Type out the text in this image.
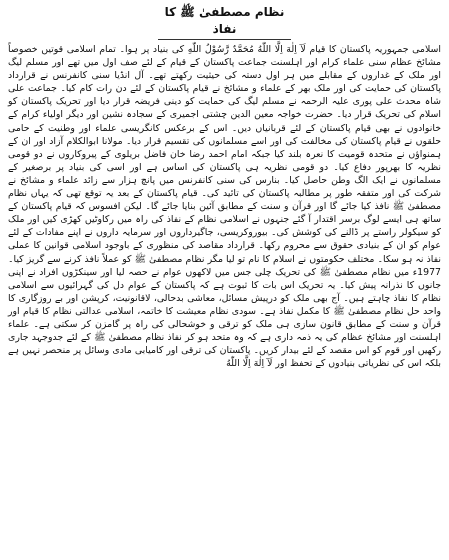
نظام مصطفیٰ ﷺ کا نفاذ

اسلامی جمہوریہ پاکستان کا قیام لَآ اِلٰهَ اِلَّا اللّٰهُ مُحَمَّدٌ رَّسُوْلُ اللّٰهِ کی بنیاد پر ہوا۔ تمام اسلامی قوتیں خصوصاً مشائخ عظام سنی علماء کرام اور اہلسنت جماعت پاکستان کے قیام کے لئے صف اول میں تھے اور مسلم لیگ اور ملک کے غداروں کے مقابلے میں ہر اول دستہ کی حیثیت رکھتے تھے۔ آل انڈیا سنی کانفرنس نے قرارداد پاکستان کی حمایت کی اور ملک بھر کے علماء و مشائخ نے قیام پاکستان کے لئے دن رات کام کیا۔ جماعت علی شاہ محدث علی پوری علیہ الرحمہ نے مسلم لیگ کی حمایت کو دینی فریضہ قرار دیا اور تحریک پاکستان کو اسلام کی تحریک قرار دیا۔ حضرت خواجہ معین الدین چشتی اجمیری کے سجادہ نشین اور دیگر اولیاء کرام کے خانوادوں نے بھی قیام پاکستان کے لئے قربانیاں دیں۔ اس کے برعکس کانگریسی علماء اور وطنیت کے حامی حلقوں نے قیام پاکستان کی مخالفت کی اور اسے مسلمانوں کی تقسیم قرار دیا۔ مولانا ابوالکلام آزاد اور ان کے ہمنواؤں نے متحدہ قومیت کا نعرہ بلند کیا جبکہ امام احمد رضا خان فاضل بریلوی کے پیروکاروں نے دو قومی نظریہ کا بھرپور دفاع کیا۔ دو قومی نظریہ ہی پاکستان کی اساس ہے اور اسی کی بنیاد پر برصغیر کے مسلمانوں نے ایک الگ وطن حاصل کیا۔ بنارس کی سنی کانفرنس میں پانچ ہزار سے زائد علماء و مشائخ نے شرکت کی اور متفقہ طور پر مطالبہ پاکستان کی تائید کی۔ قیام پاکستان کے بعد یہ توقع تھی کہ یہاں نظام مصطفیٰ ﷺ نافذ کیا جائے گا اور قرآن و سنت کے مطابق آئین بنایا جائے گا۔ لیکن افسوس کہ قیام پاکستان کے ساتھ ہی ایسے لوگ برسر اقتدار آ گئے جنہوں نے اسلامی نظام کے نفاذ کی راہ میں رکاوٹیں کھڑی کیں اور ملک کو سیکولر راستے پر ڈالنے کی کوشش کی۔ بیوروکریسی، جاگیرداروں اور سرمایہ داروں نے اپنے مفادات کے لئے عوام کو ان کے بنیادی حقوق سے محروم رکھا۔ قرارداد مقاصد کی منظوری کے باوجود اسلامی قوانین کا عملی نفاذ نہ ہو سکا۔ مختلف حکومتوں نے اسلام کا نام تو لیا مگر نظام مصطفیٰ ﷺ کو عملاً نافذ کرنے سے گریز کیا۔ 1977ء میں نظام مصطفیٰ ﷺ کی تحریک چلی جس میں لاکھوں عوام نے حصہ لیا اور سینکڑوں افراد نے اپنی جانوں کا نذرانہ پیش کیا۔ یہ تحریک اس بات کا ثبوت ہے کہ پاکستان کے عوام دل کی گہرائیوں سے اسلامی نظام کا نفاذ چاہتے ہیں۔ آج بھی ملک کو درپیش مسائل، معاشی بدحالی، لاقانونیت، کرپشن اور بے روزگاری کا واحد حل نظام مصطفیٰ ﷺ کا مکمل نفاذ ہے۔ سودی نظام معیشت کا خاتمہ، اسلامی عدالتی نظام کا قیام اور قرآن و سنت کے مطابق قانون سازی ہی ملک کو ترقی و خوشحالی کی راہ پر گامزن کر سکتی ہے۔ علماء اہلسنت اور مشائخ عظام کی یہ ذمہ داری ہے کہ وہ متحد ہو کر نفاذ نظام مصطفیٰ ﷺ کے لئے جدوجہد جاری رکھیں اور قوم کو اس مقصد کے لئے بیدار کریں۔ پاکستان کی ترقی اور کامیابی مادی وسائل پر منحصر نہیں ہے بلکہ اس کی نظریاتی بنیادوں کے تحفظ اور لَآ اِلٰهَ اِلَّا اللّٰهُ
